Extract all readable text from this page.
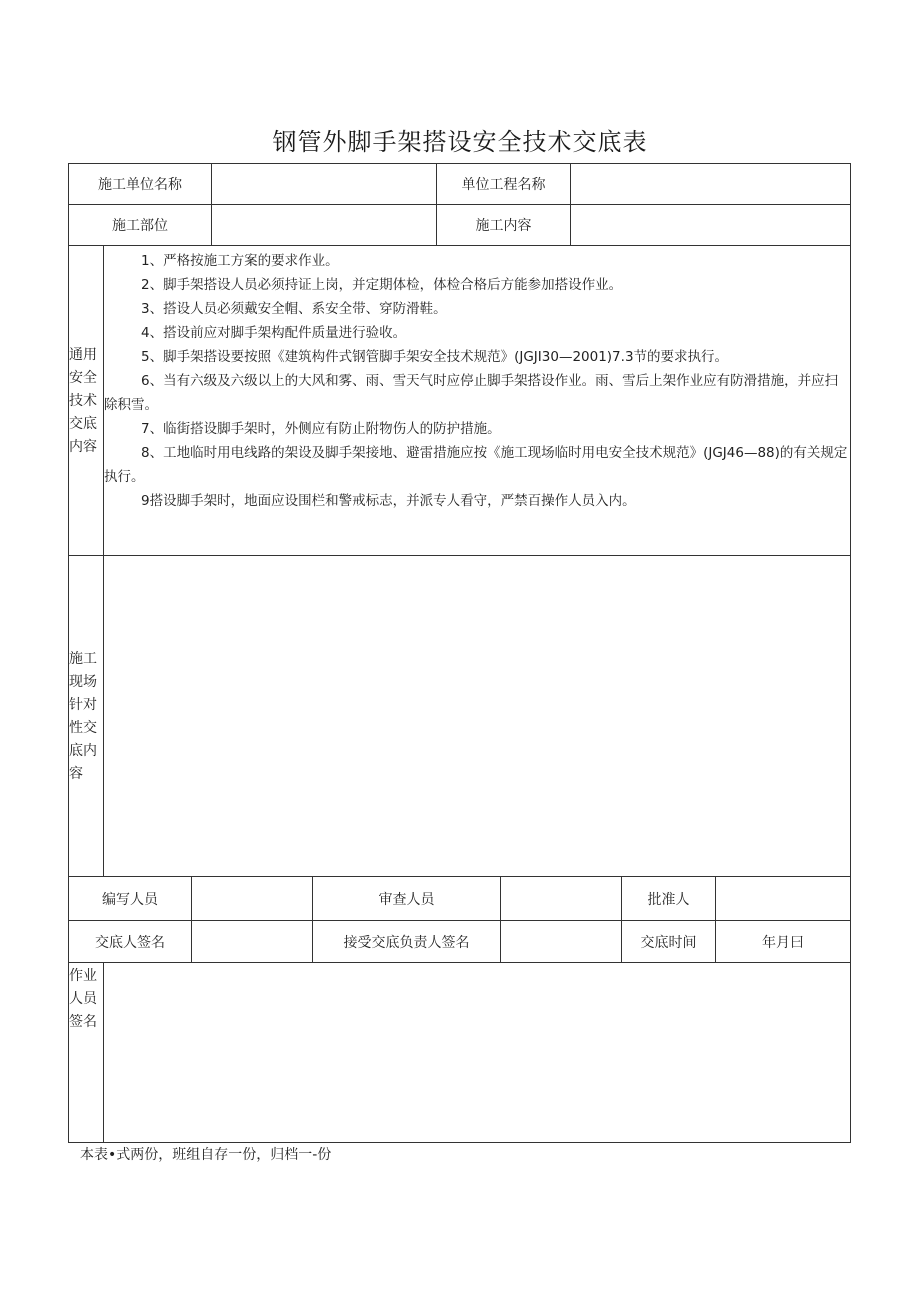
钢管外脚手架搭设安全技术交底表
施工单位名称	单位工程名称
施工部位	施工内容
通用安全技术交底内容

1、严格按施工方案的要求作业。

2、脚手架搭设人员必须持证上岗，并定期体检，体检合格后方能参加搭设作业。

3、搭设人员必须戴安全帽、系安全带、穿防滑鞋。

4、搭设前应对脚手架构配件质量进行验收。

5、脚手架搭设要按照《建筑构件式钢管脚手架安全技术规范》(JGJI30—2001)7.3节的要求执行。

6、当有六级及六级以上的大风和雾、雨、雪天气时应停止脚手架搭设作业。雨、雪后上架作业应有防滑措施，并应扫除积雪。

7、临街搭设脚手架时，外侧应有防止附物伤人的防护措施。

8、工地临时用电线路的架设及脚手架接地、避雷措施应按《施工现场临时用电安全技术规范》(JGJ46—88)的有关规定执行。

9搭设脚手架时，地面应设围栏和警戒标志，并派专人看守，严禁百操作人员入内。

施工现场针对性交底内容
编写人员	审查人员	批准人
交底人签名	接受交底负责人签名	交底时间	年月曰
作业人员签名
本表•式两份，班组自存一份，归档一-份
